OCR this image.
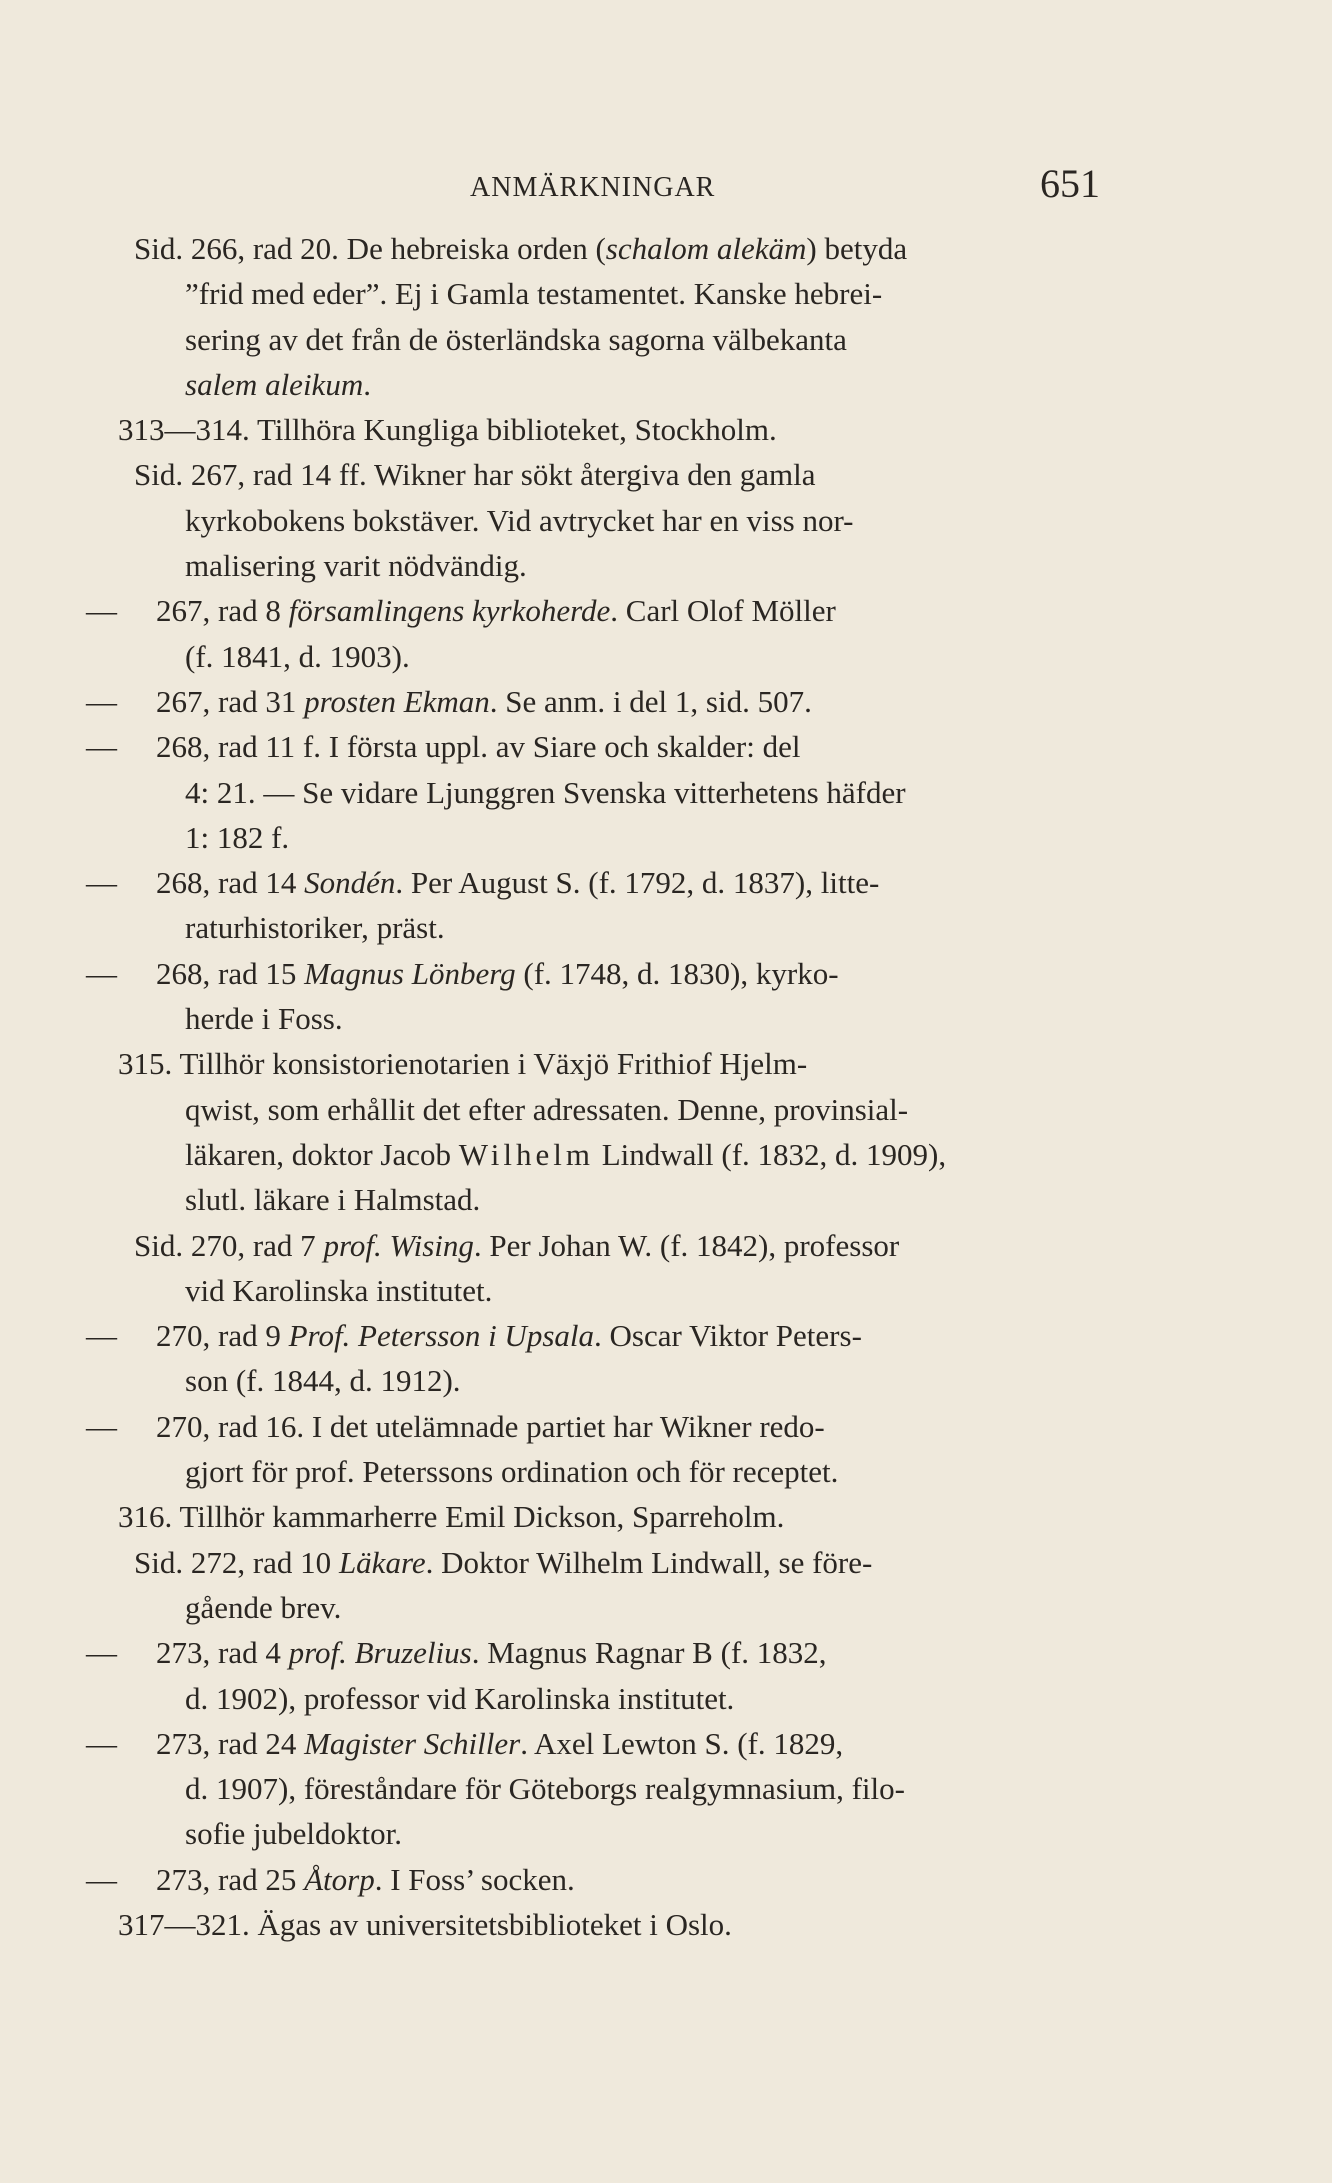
ANMÄRKNINGAR	651
Sid. 266, rad 20. De hebreiska orden (schalom alekäm) betyda
”frid med eder”. Ej i Gamla testamentet. Kanske hebrei-
sering av det från de österländska sagorna välbekanta
salem aleikum.
313—314. Tillhöra Kungliga biblioteket, Stockholm.
Sid. 267, rad 14 ff. Wikner har sökt återgiva den gamla
kyrkobokens bokstäver. Vid avtrycket har en viss nor-
malisering varit nödvändig.
— 267, rad 8 församlingens kyrkoherde. Carl Olof Möller
(f. 1841, d. 1903).
— 267, rad 31 prosten Ekman. Se anm. i del 1, sid. 507.
— 268, rad 11 f. I första uppl. av Siare och skalder: del
4: 21. — Se vidare Ljunggren Svenska vitterhetens häfder
1: 182 f.
— 268, rad 14 Sondén. Per August S. (f. 1792, d. 1837), litte-
raturhistoriker, präst.
— 268, rad 15 Magnus Lönberg (f. 1748, d. 1830), kyrko-
herde i Foss.
315. Tillhör konsistorienotarien i Växjö Frithiof Hjelm-
qwist, som erhållit det efter adressaten. Denne, provinsial-
läkaren, doktor Jacob Wilhelm Lindwall (f. 1832, d. 1909),
slutl. läkare i Halmstad.
Sid. 270, rad 7 prof. Wising. Per Johan W. (f. 1842), professor
vid Karolinska institutet.
— 270, rad 9 Prof. Petersson i Upsala. Oscar Viktor Peters-
son (f. 1844, d. 1912).
— 270, rad 16. I det utelämnade partiet har Wikner redo-
gjort för prof. Peterssons ordination och för receptet.
316. Tillhör kammarherre Emil Dickson, Sparreholm.
Sid. 272, rad 10 Läkare. Doktor Wilhelm Lindwall, se före-
gående brev.
— 273, rad 4 prof. Bruzelius. Magnus Ragnar B (f. 1832,
d. 1902), professor vid Karolinska institutet.
— 273, rad 24 Magister Schiller. Axel Lewton S. (f. 1829,
d. 1907), föreståndare för Göteborgs realgymnasium, filo-
sofie jubeldoktor.
— 273, rad 25 Åtorp. I Foss’ socken.
317—321. Ägas av universitetsbiblioteket i Oslo.
